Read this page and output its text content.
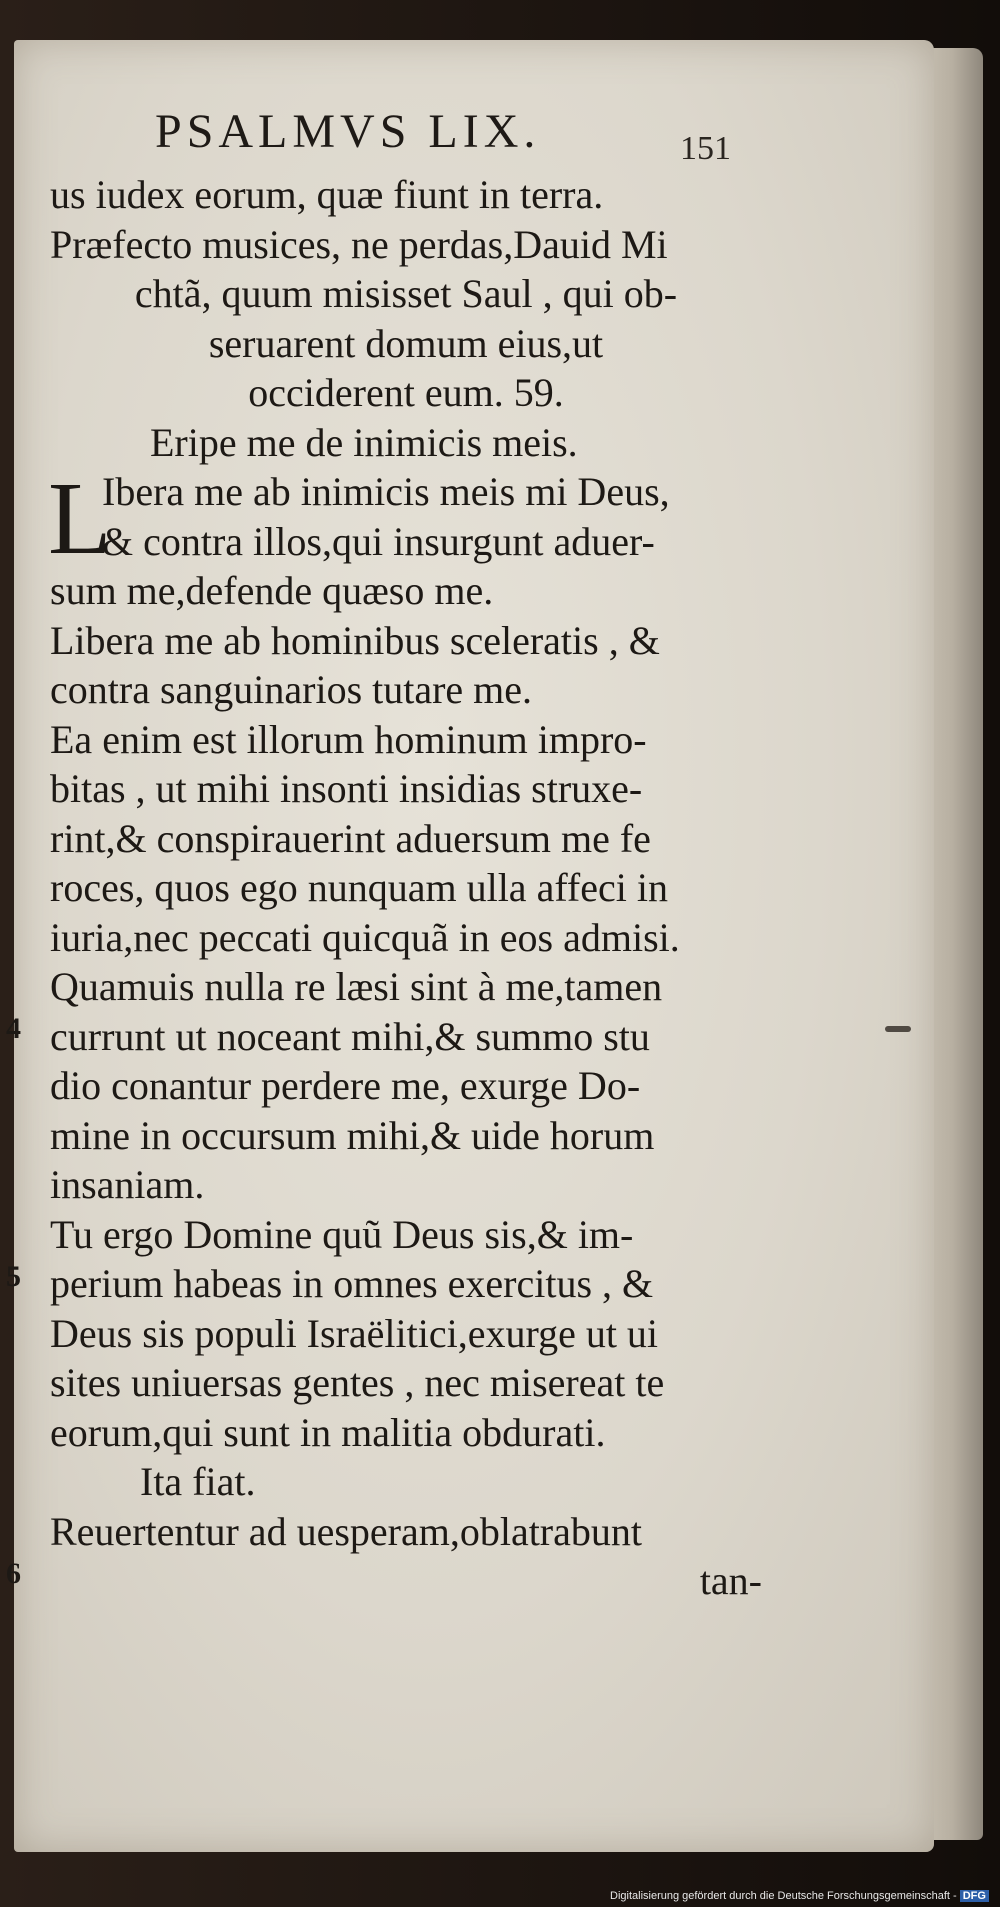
PSALMVS LIX.	151
us iudex eorum, quæ fiunt in terra.
Præfecto musices, ne perdas,Dauid Mi
chtã, quum misisset Saul , qui ob-
seruarent domum eius,ut
occiderent eum. 59.
Eripe me de inimicis meis.
L
Ibera me ab inimicis meis mi Deus,
& contra illos,qui insurgunt aduer-
sum me,defende quæso me.
Libera me ab hominibus sceleratis , &
contra sanguinarios tutare me.
Ea enim est illorum hominum impro-
bitas , ut mihi insonti insidias struxe-
rint,& conspirauerint aduersum me fe
roces, quos ego nunquam ulla affeci in
iuria,nec peccati quicquã in eos admisi.
Quamuis nulla re læsi sint à me,tamen
currunt ut noceant mihi,& summo stu
dio conantur perdere me, exurge Do-
mine in occursum mihi,& uide horum
insaniam.
Tu ergo Domine quũ Deus sis,& im-
perium habeas in omnes exercitus , &
Deus sis populi Israëlitici,exurge ut ui
sites uniuersas gentes , nec misereat te
eorum,qui sunt in malitia obdurati.
Ita fiat.
Reuertentur ad uesperam,oblatrabunt
tan-
4
5
6
Digitalisierung gefördert durch die Deutsche Forschungsgemeinschaft - DFG
